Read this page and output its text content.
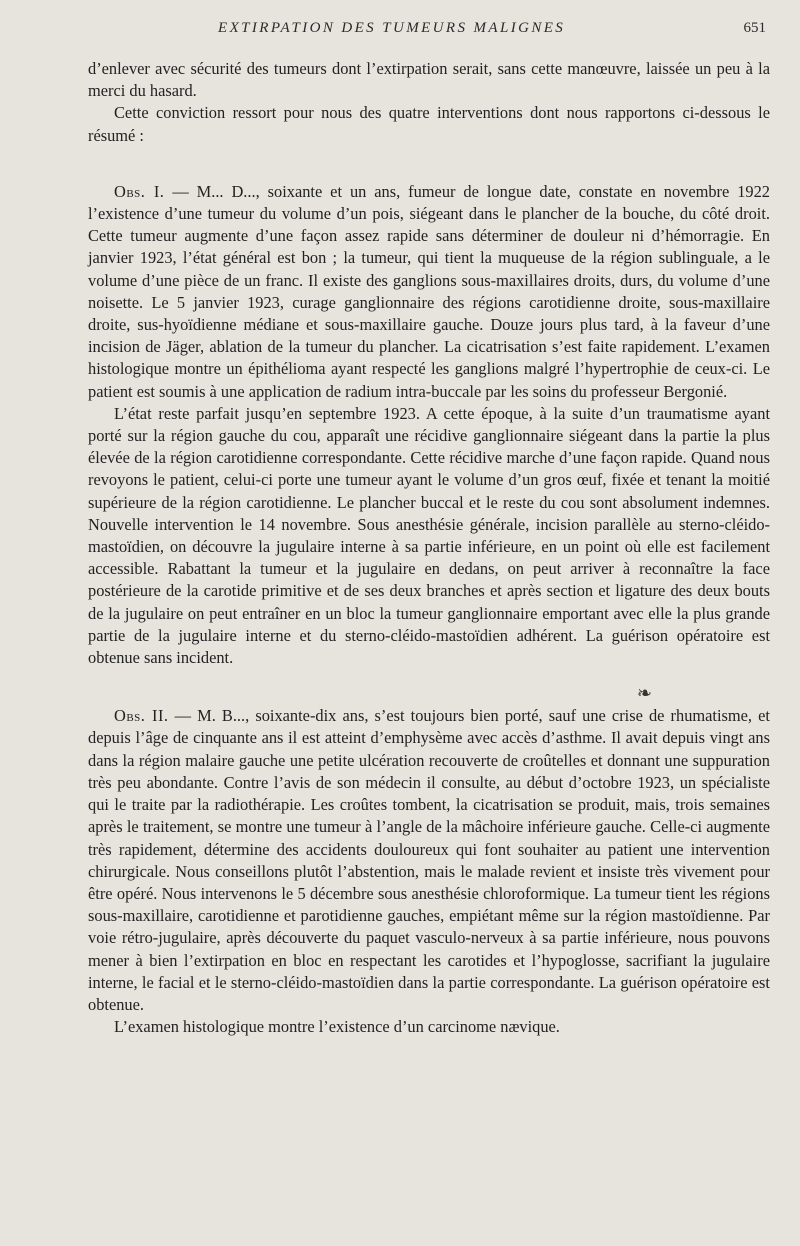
EXTIRPATION DES TUMEURS MALIGNES	651

d’enlever avec sécurité des tumeurs dont l’extirpation serait, sans cette manœuvre, laissée un peu à la merci du hasard.

Cette conviction ressort pour nous des quatre interventions dont nous rapportons ci-dessous le résumé :

Obs. I. — M... D..., soixante et un ans, fumeur de longue date, constate en novembre 1922 l’existence d’une tumeur du volume d’un pois, siégeant dans le plancher de la bouche, du côté droit. Cette tumeur augmente d’une façon assez rapide sans déterminer de douleur ni d’hémorragie. En janvier 1923, l’état général est bon ; la tumeur, qui tient la muqueuse de la région sublinguale, a le volume d’une pièce de un franc. Il existe des ganglions sous-maxillaires droits, durs, du volume d’une noisette. Le 5 janvier 1923, curage ganglionnaire des régions carotidienne droite, sous-maxillaire droite, sus-hyoïdienne médiane et sous-maxillaire gauche. Douze jours plus tard, à la faveur d’une incision de Jäger, ablation de la tumeur du plancher. La cicatrisation s’est faite rapidement. L’examen histologique montre un épithélioma ayant respecté les ganglions malgré l’hypertrophie de ceux-ci. Le patient est soumis à une application de radium intra-buccale par les soins du professeur Bergonié.

L’état reste parfait jusqu’en septembre 1923. A cette époque, à la suite d’un traumatisme ayant porté sur la région gauche du cou, apparaît une récidive ganglionnaire siégeant dans la partie la plus élevée de la région carotidienne correspondante. Cette récidive marche d’une façon rapide. Quand nous revoyons le patient, celui-ci porte une tumeur ayant le volume d’un gros œuf, fixée et tenant la moitié supérieure de la région carotidienne. Le plancher buccal et le reste du cou sont absolument indemnes. Nouvelle intervention le 14 novembre. Sous anesthésie générale, incision parallèle au sterno-cléido-mastoïdien, on découvre la jugulaire interne à sa partie inférieure, en un point où elle est facilement accessible. Rabattant la tumeur et la jugulaire en dedans, on peut arriver à reconnaître la face postérieure de la carotide primitive et de ses deux branches et après section et ligature des deux bouts de la jugulaire on peut entraîner en un bloc la tumeur ganglionnaire emportant avec elle la plus grande partie de la jugulaire interne et du sterno-cléido-mastoïdien adhérent. La guérison opératoire est obtenue sans incident.

❧

Obs. II. — M. B..., soixante-dix ans, s’est toujours bien porté, sauf une crise de rhumatisme, et depuis l’âge de cinquante ans il est atteint d’emphysème avec accès d’asthme. Il avait depuis vingt ans dans la région malaire gauche une petite ulcération recouverte de croûtelles et donnant une suppuration très peu abondante. Contre l’avis de son médecin il consulte, au début d’octobre 1923, un spécialiste qui le traite par la radiothérapie. Les croûtes tombent, la cicatrisation se produit, mais, trois semaines après le traitement, se montre une tumeur à l’angle de la mâchoire inférieure gauche. Celle-ci augmente très rapidement, détermine des accidents douloureux qui font souhaiter au patient une intervention chirurgicale. Nous conseillons plutôt l’abstention, mais le malade revient et insiste très vivement pour être opéré. Nous intervenons le 5 décembre sous anesthésie chloroformique. La tumeur tient les régions sous-maxillaire, carotidienne et parotidienne gauches, empiétant même sur la région mastoïdienne. Par voie rétro-jugulaire, après découverte du paquet vasculo-nerveux à sa partie inférieure, nous pouvons mener à bien l’extirpation en bloc en respectant les carotides et l’hypoglosse, sacrifiant la jugulaire interne, le facial et le sterno-cléido-mastoïdien dans la partie correspondante. La guérison opératoire est obtenue.

L’examen histologique montre l’existence d’un carcinome nævique.
